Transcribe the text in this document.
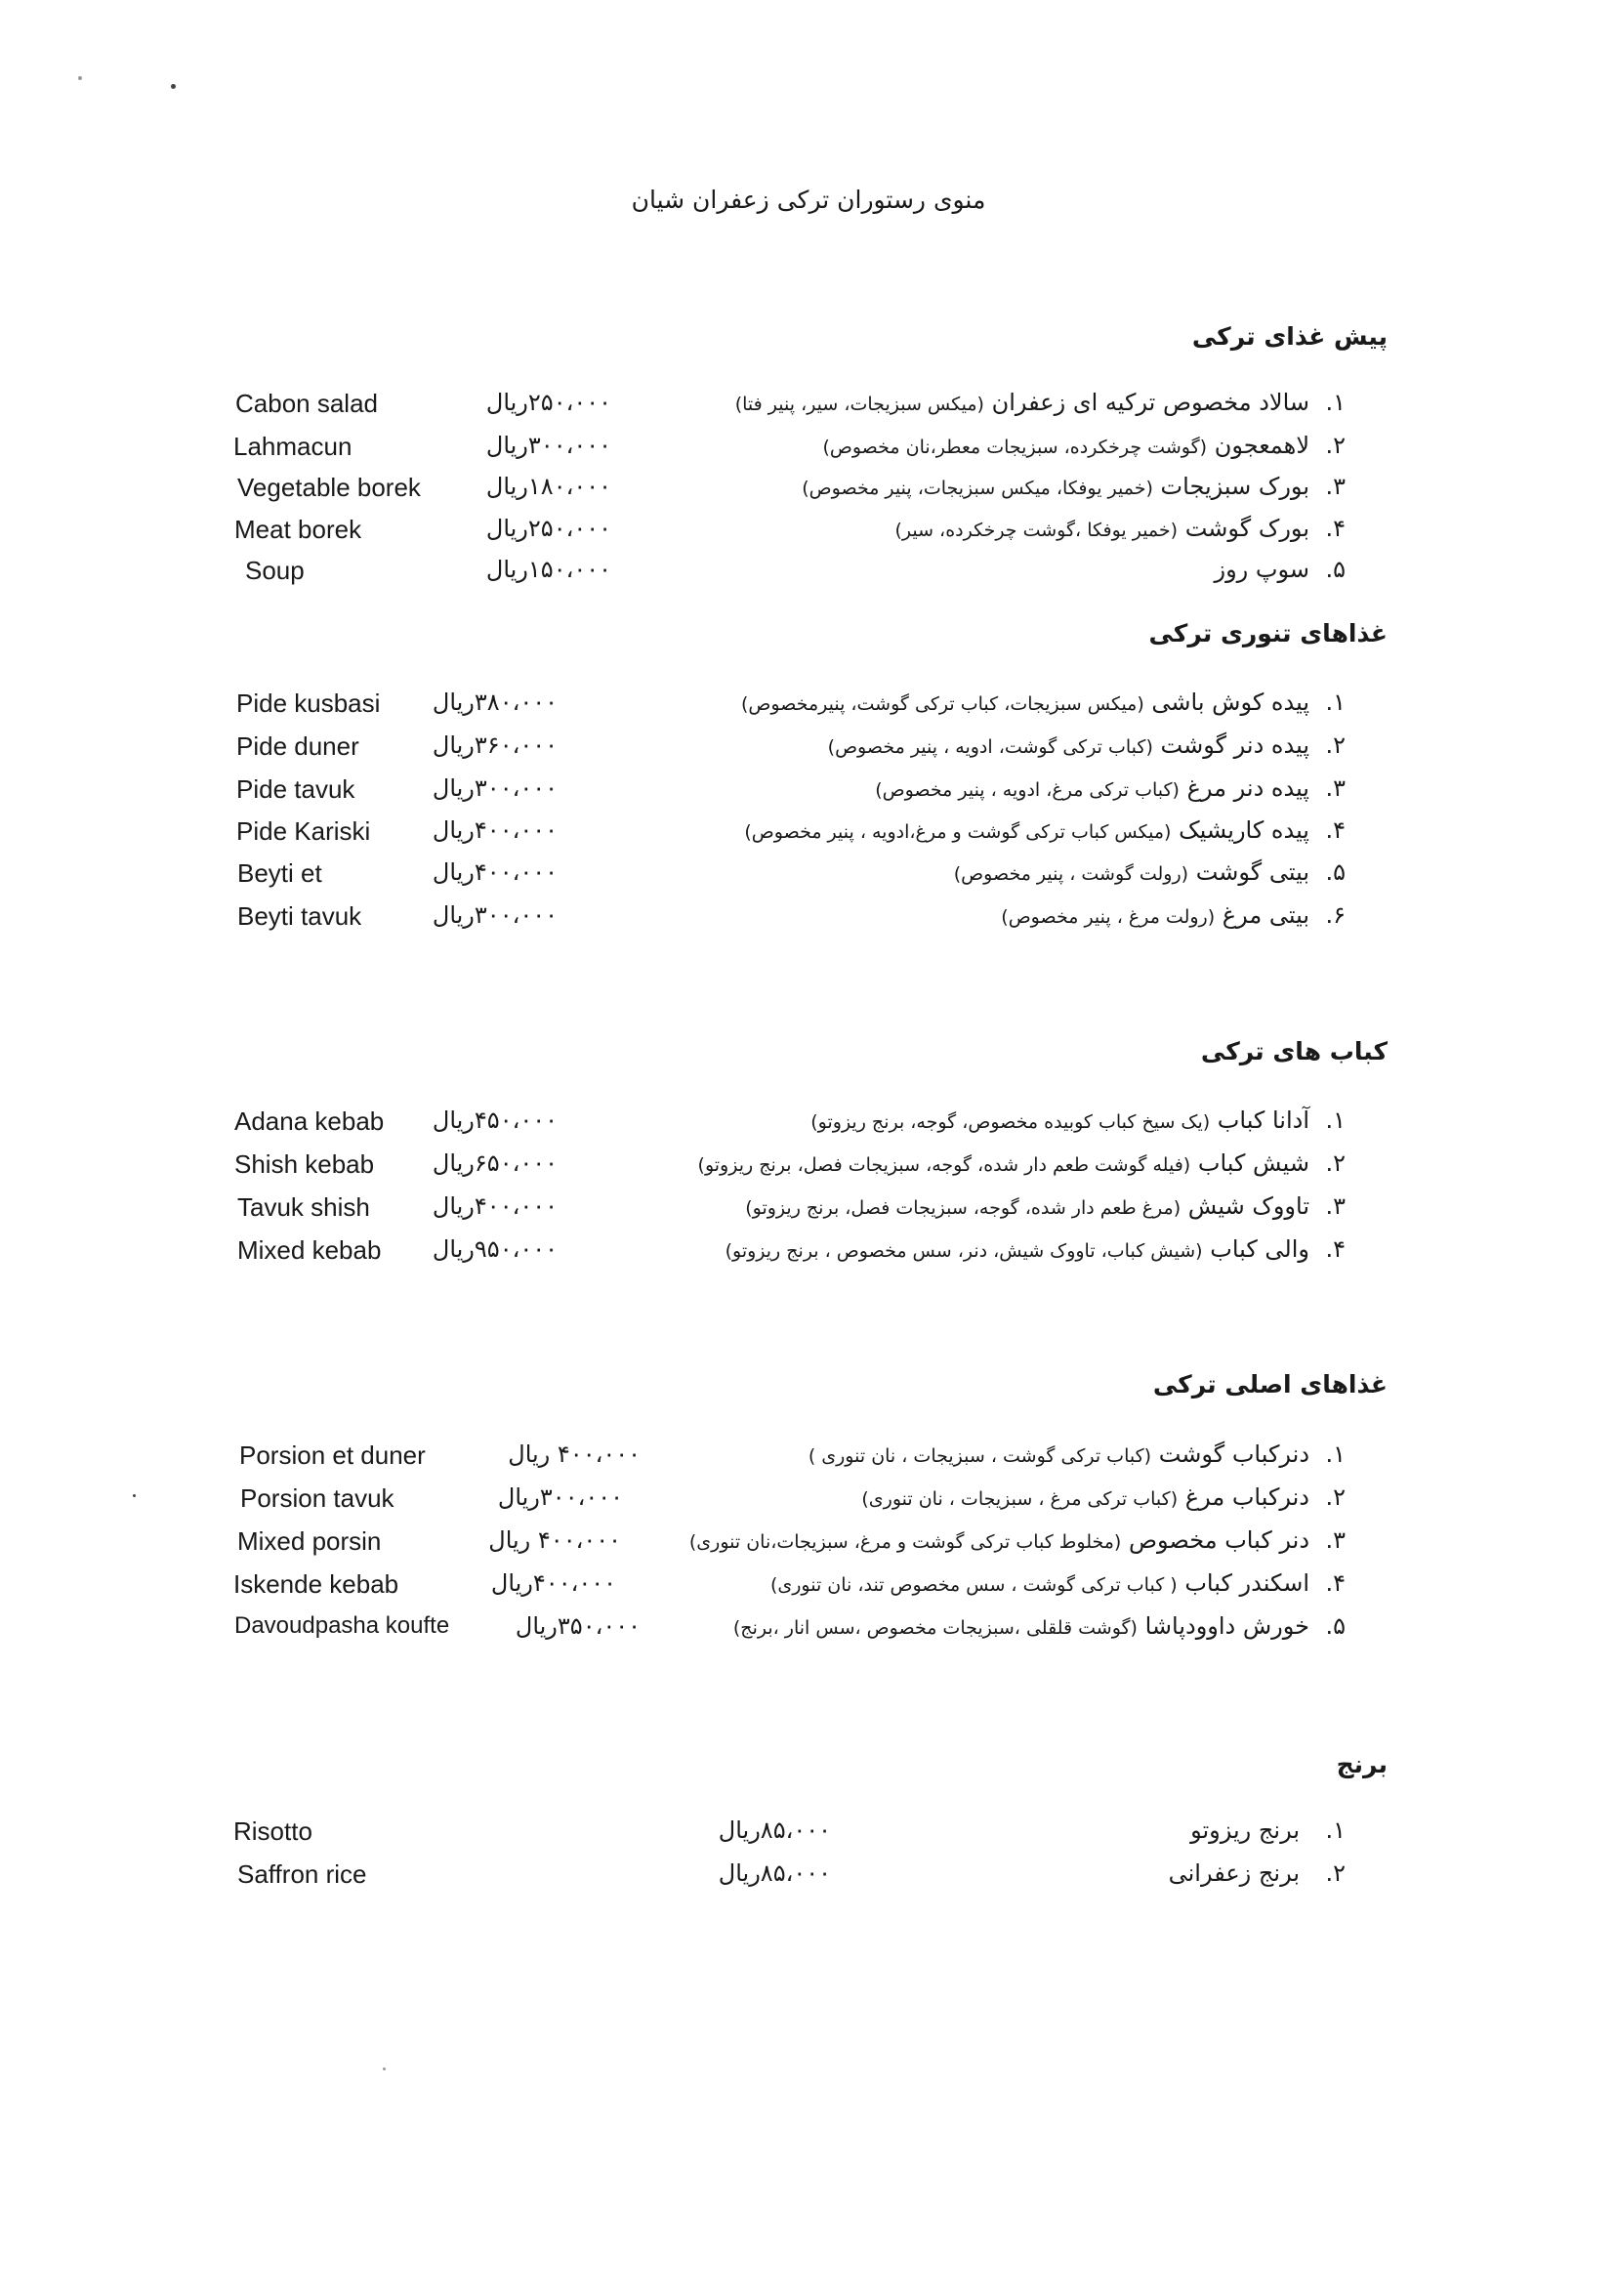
منوی رستوران ترکی زعفران شیان
پیش غذای ترکی
۱.
سالاد مخصوص ترکیه ای زعفران (میکس سبزیجات، سیر، پنیر فتا)
۲۵۰،۰۰۰ریال
Cabon salad
۲.
لاهمعجون (گوشت چرخکرده، سبزیجات معطر،نان مخصوص)
۳۰۰،۰۰۰ریال
Lahmacun
۳.
بورک سبزیجات (خمیر یوفکا، میکس سبزیجات، پنیر مخصوص)
۱۸۰،۰۰۰ریال
Vegetable borek
۴.
بورک گوشت (خمیر یوفکا ،گوشت چرخکرده، سیر)
۲۵۰،۰۰۰ریال
Meat borek
۵.
سوپ روز
۱۵۰،۰۰۰ریال
Soup
غذاهای تنوری ترکی
۱.
پیده کوش باشی (میکس سبزیجات، کباب ترکی گوشت، پنیرمخصوص)
۳۸۰،۰۰۰ریال
Pide kusbasi
۲.
پیده دنر گوشت (کباب ترکی گوشت، ادویه ، پنیر مخصوص)
۳۶۰،۰۰۰ریال
Pide duner
۳.
پیده دنر مرغ (کباب ترکی مرغ، ادویه ، پنیر مخصوص)
۳۰۰،۰۰۰ریال
Pide tavuk
۴.
پیده کاریشیک (میکس کباب ترکی گوشت و مرغ،ادویه ، پنیر مخصوص)
۴۰۰،۰۰۰ریال
Pide Kariski
۵.
بیتی گوشت (رولت گوشت ، پنیر مخصوص)
۴۰۰،۰۰۰ریال
Beyti et
۶.
بیتی مرغ (رولت مرغ ، پنیر مخصوص)
۳۰۰،۰۰۰ریال
Beyti tavuk
کباب های ترکی
۱.
آدانا کباب (یک سیخ کباب کوبیده مخصوص، گوجه، برنج ریزوتو)
۴۵۰،۰۰۰ریال
Adana kebab
۲.
شیش کباب (فیله گوشت طعم دار شده، گوجه، سبزیجات فصل، برنج ریزوتو)
۶۵۰،۰۰۰ریال
Shish kebab
۳.
تاووک شیش (مرغ طعم دار شده، گوجه، سبزیجات فصل، برنج ریزوتو)
۴۰۰،۰۰۰ریال
Tavuk shish
۴.
والی کباب (شیش کباب، تاووک شیش، دنر، سس مخصوص ، برنج ریزوتو)
۹۵۰،۰۰۰ریال
Mixed kebab
غذاهای اصلی ترکی
۱.
دنرکباب گوشت (کباب ترکی گوشت ، سبزیجات ، نان تنوری )
۴۰۰،۰۰۰ ریال
Porsion et duner
۲.
دنرکباب مرغ (کباب ترکی مرغ ، سبزیجات ، نان تنوری)
۳۰۰،۰۰۰ریال
Porsion tavuk
۳.
دنر کباب مخصوص (مخلوط کباب ترکی گوشت و مرغ، سبزیجات،نان تنوری)
۴۰۰،۰۰۰ ریال
Mixed porsin
۴.
اسکندر کباب ( کباب ترکی گوشت ، سس مخصوص تند، نان تنوری)
۴۰۰،۰۰۰ریال
Iskende kebab
۵.
خورش داوودپاشا (گوشت قلقلی ،سبزیجات مخصوص ،سس انار ،برنج)
۳۵۰،۰۰۰ریال
Davoudpasha koufte
برنج
۱.
برنج ریزوتو
۸۵،۰۰۰ریال
Risotto
۲.
برنج زعفرانی
۸۵،۰۰۰ریال
Saffron rice
